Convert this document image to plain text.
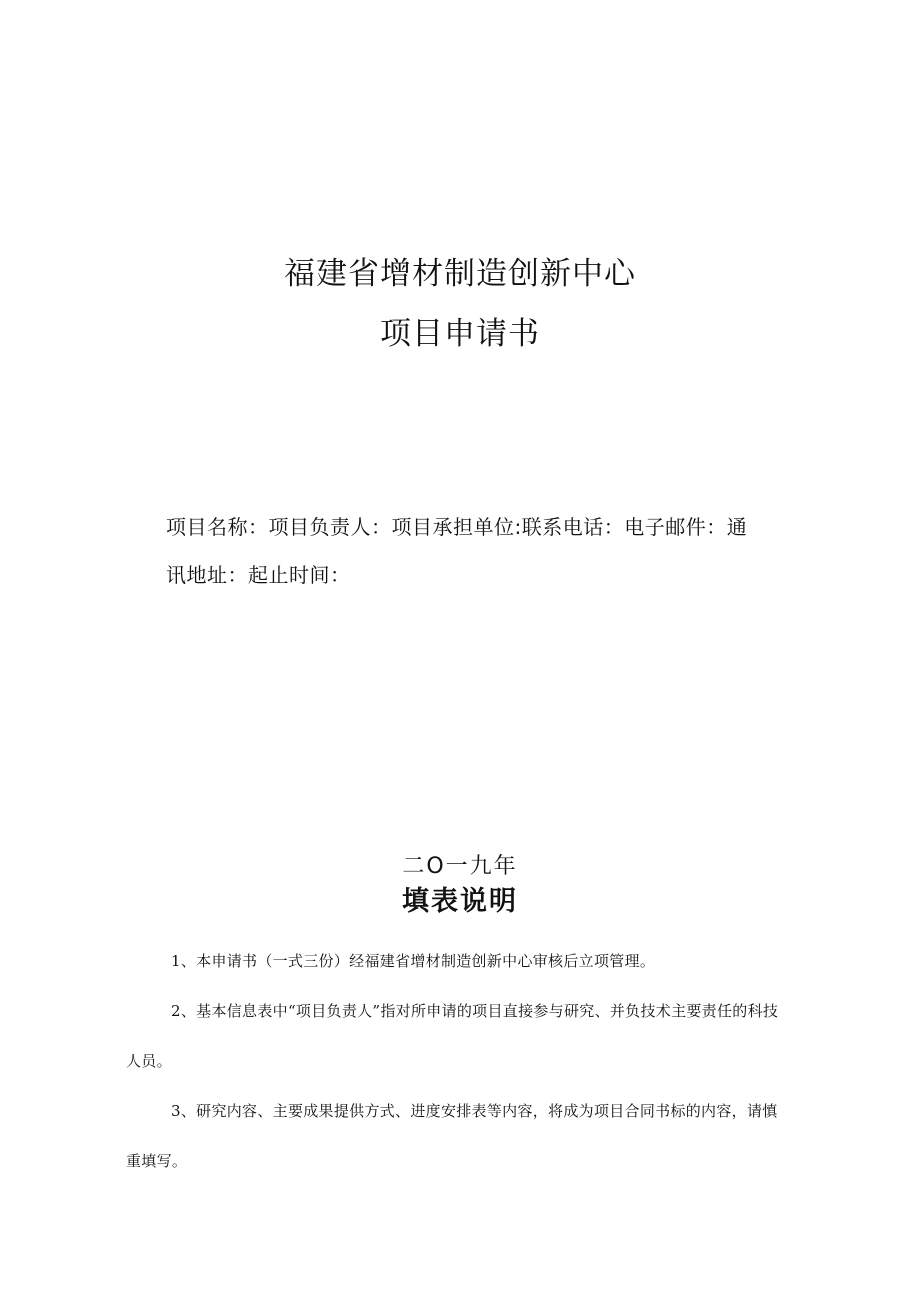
福建省增材制造创新中心
项目申请书

项目名称：项目负责人：项目承担单位:联系电话：电子邮件：通
讯地址：起止时间：

二O一九年

填表说明
1、本申请书（一式三份）经福建省增材制造创新中心审核后立项管理。
2、基本信息表中“项目负责人”指对所申请的项目直接参与研究、并负技术主要责任的科技人员。
3、研究内容、主要成果提供方式、进度安排表等内容，将成为项目合同书标的内容，请慎重填写。
